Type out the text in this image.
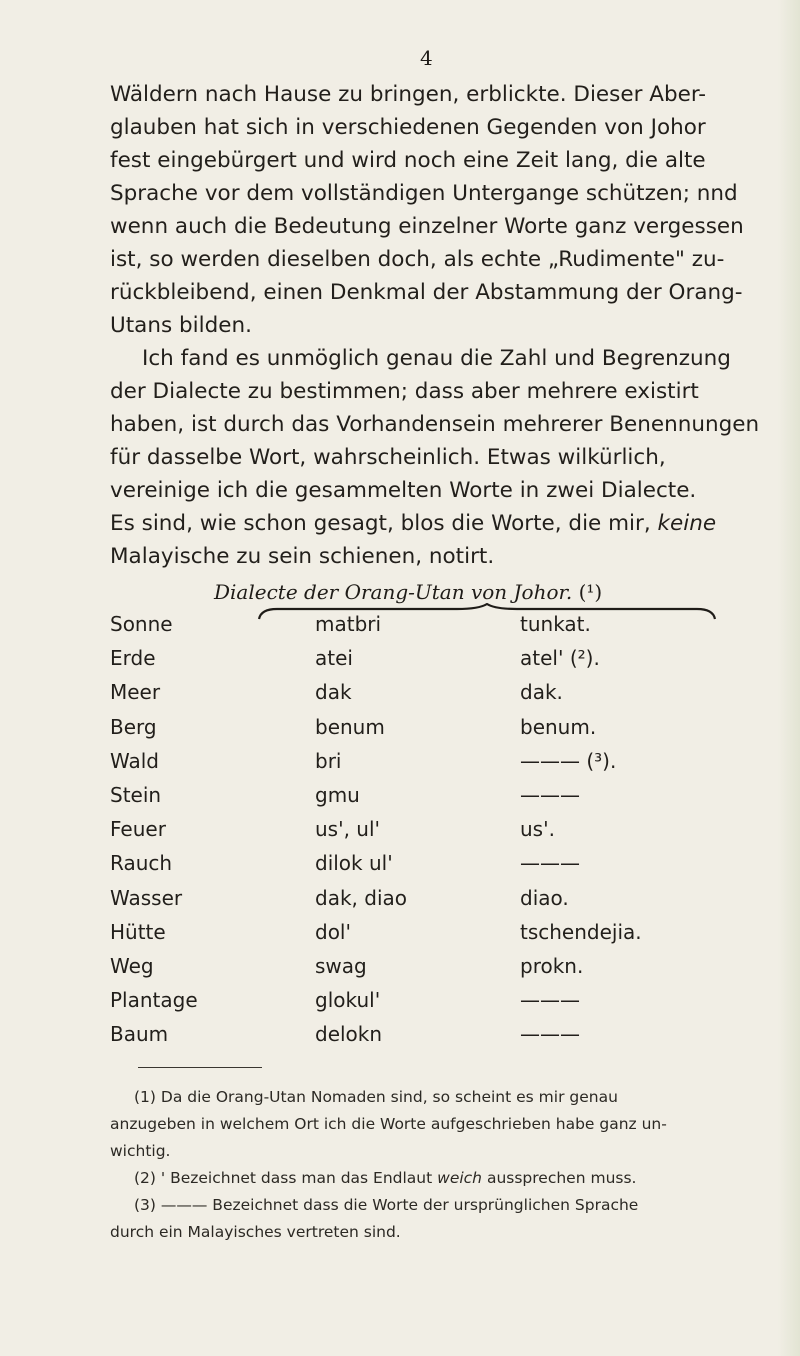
4
Wäldern nach Hause zu bringen, erblickte. Dieser Aber-
glauben hat sich in verschiedenen Gegenden von Johor
fest eingebürgert und wird noch eine Zeit lang, die alte
Sprache vor dem vollständigen Untergange schützen; nnd
wenn auch die Bedeutung einzelner Worte ganz vergessen
ist, so werden dieselben doch, als echte „Rudimente" zu-
rückbleibend, einen Denkmal der Abstammung der Orang-
Utans bilden.
Ich fand es unmöglich genau die Zahl und Begrenzung
der Dialecte zu bestimmen; dass aber mehrere existirt
haben, ist durch das Vorhandensein mehrerer Benennungen
für dasselbe Wort, wahrscheinlich. Etwas wilkürlich,
vereinige ich die gesammelten Worte in zwei Dialecte.
Es sind, wie schon gesagt, blos die Worte, die mir, keine
Malayische zu sein schienen, notirt.
Dialecte der Orang-Utan von Johor. (¹)
Sonne	matbri	tunkat.
Erde	atei	atel' (²).
Meer	dak	dak.
Berg	benum	benum.
Wald	bri	——— (³).
Stein	gmu	———
Feuer	us', ul'	us'.
Rauch	dilok ul'	———
Wasser	dak, diao	diao.
Hütte	dol'	tschendejia.
Weg	swag	prokn.
Plantage	glokul'	———
Baum	delokn	———
(1) Da die Orang-Utan Nomaden sind, so scheint es mir genau
anzugeben in welchem Ort ich die Worte aufgeschrieben habe ganz un-
wichtig.
(2) ' Bezeichnet dass man das Endlaut weich aussprechen muss.
(3) ——— Bezeichnet dass die Worte der ursprünglichen Sprache
durch ein Malayisches vertreten sind.
